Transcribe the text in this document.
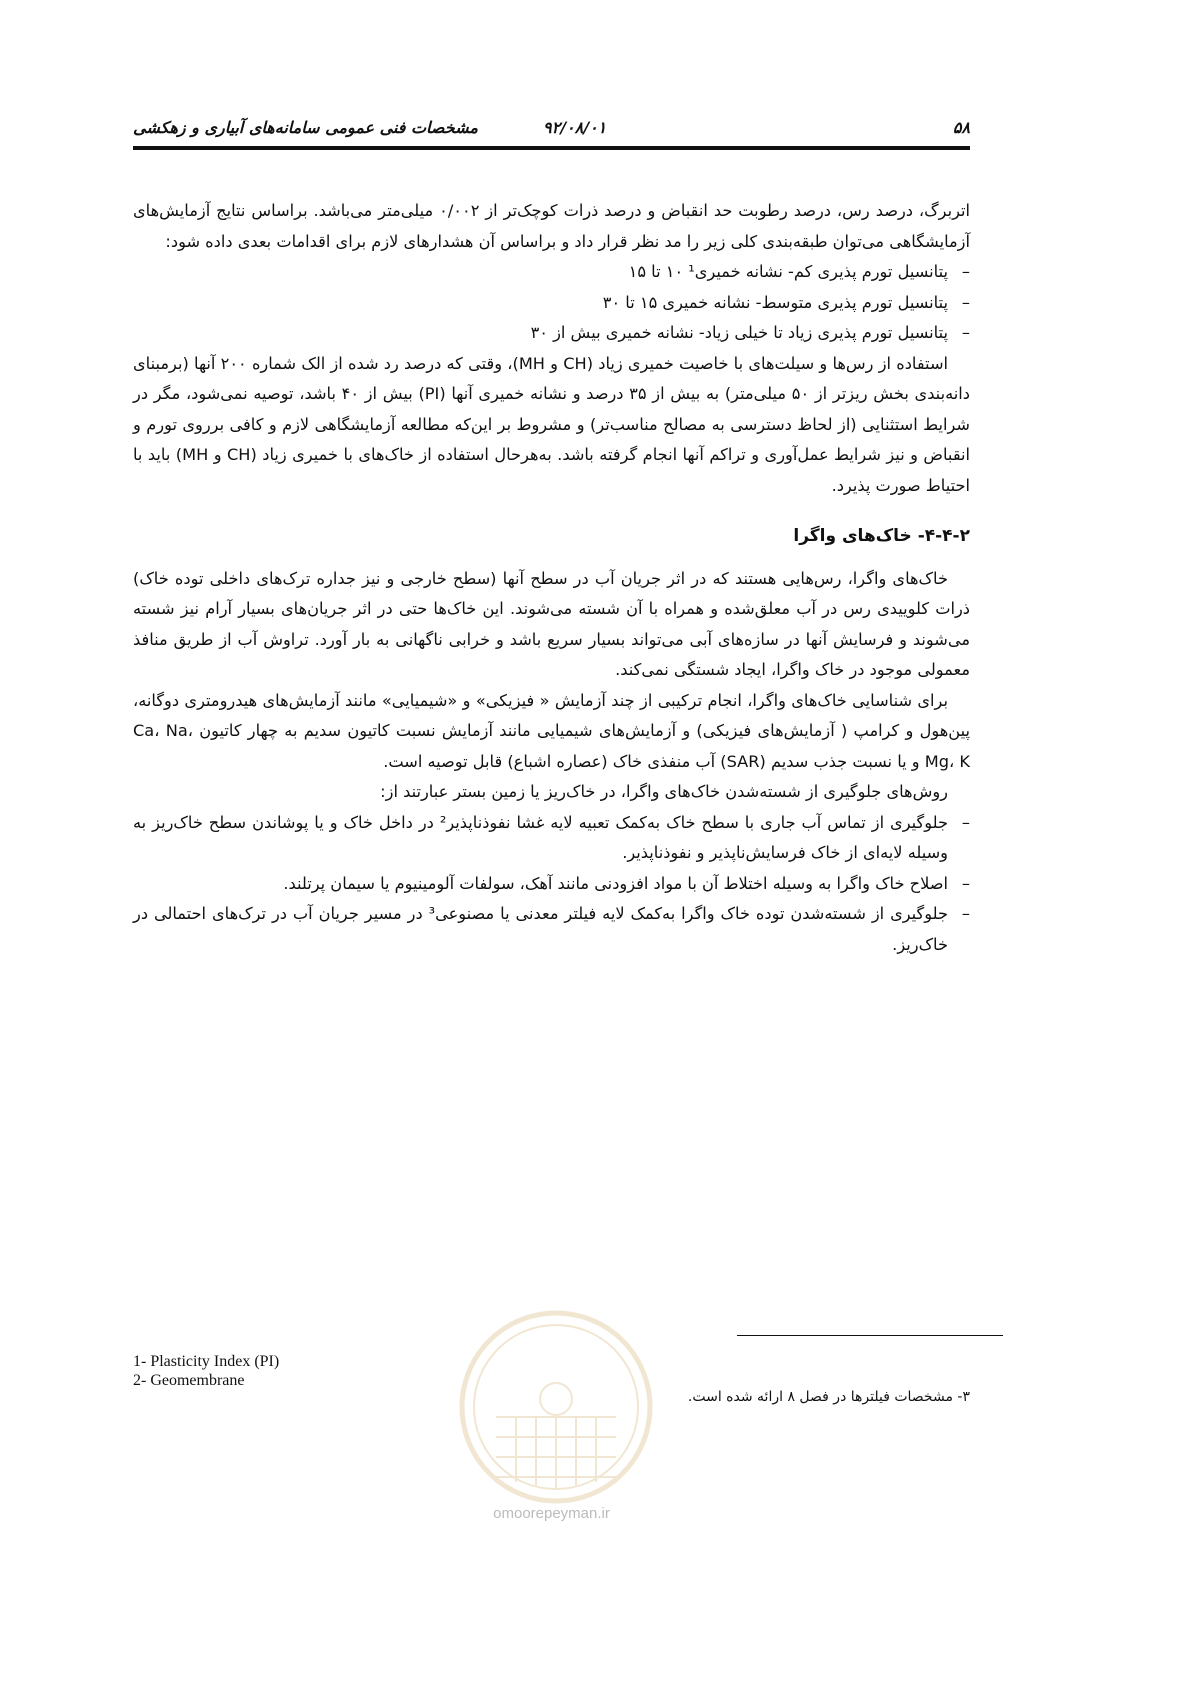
۵۸
۹۲/۰۸/۰۱
مشخصات فنی عمومی سامانه‌های آبیاری و زهکشی

اتربرگ، درصد رس، درصد رطوبت حد انقباض و درصد ذرات کوچک‌تر از ۰/۰۰۲ میلی‌متر می‌باشد. براساس نتایج آزمایش‌های آزمایشگاهی می‌توان طبقه‌بندی کلی زیر را مد نظر قرار داد و براساس آن هشدارهای لازم برای اقدامات بعدی داده شود:

– پتانسیل تورم پذیری کم- نشانه خمیری¹ ۱۰ تا ۱۵

– پتانسیل تورم پذیری متوسط- نشانه خمیری ۱۵ تا ۳۰

– پتانسیل تورم پذیری زیاد تا خیلی زیاد- نشانه خمیری بیش از ۳۰

استفاده از رس‌ها و سیلت‌های با خاصیت خمیری زیاد (CH و MH)، وقتی که درصد رد شده از الک شماره ۲۰۰ آنها (برمبنای دانه‌بندی بخش ریزتر از ۵۰ میلی‌متر) به بیش از ۳۵ درصد و نشانه خمیری آنها (PI) بیش از ۴۰ باشد، توصیه نمی‌شود، مگر در شرایط استثنایی (از لحاظ دسترسی به مصالح مناسب‌تر) و مشروط بر این‌که مطالعه آزمایشگاهی لازم و کافی برروی تورم و انقباض و نیز شرایط عمل‌آوری و تراکم آنها انجام گرفته باشد. به‌هرحال استفاده از خاک‌های با خمیری زیاد (CH و MH) باید با احتیاط صورت پذیرد.

۴-۴-۲- خاک‌های واگرا

خاک‌های واگرا، رس‌هایی هستند که در اثر جریان آب در سطح آنها (سطح خارجی و نیز جداره ترک‌های داخلی توده خاک) ذرات کلوییدی رس در آب معلق‌شده و همراه با آن شسته می‌شوند. این خاک‌ها حتی در اثر جریان‌های بسیار آرام نیز شسته می‌شوند و فرسایش آنها در سازه‌های آبی می‌تواند بسیار سریع باشد و خرابی ناگهانی به بار آورد. تراوش آب از طریق منافذ معمولی موجود در خاک واگرا، ایجاد شستگی نمی‌کند.

برای شناسایی خاک‌های واگرا، انجام ترکیبی از چند آزمایش « فیزیکی» و «شیمیایی» مانند آزمایش‌های هیدرومتری دوگانه، پین‌هول و کرامپ ( آزمایش‌های فیزیکی) و آزمایش‌های شیمیایی مانند آزمایش نسبت کاتیون سدیم به چهار کاتیون Ca، Na، Mg، K و یا نسبت جذب سدیم (SAR) آب منفذی خاک (عصاره اشباع) قابل توصیه است.

روش‌های جلوگیری از شسته‌شدن خاک‌های واگرا، در خاک‌ریز یا زمین بستر عبارتند از:

– جلوگیری از تماس آب جاری با سطح خاک به‌کمک تعبیه لایه غشا نفوذناپذیر² در داخل خاک و یا پوشاندن سطح خاک‌ریز به وسیله لایه‌ای از خاک فرسایش‌ناپذیر و نفوذناپذیر.

– اصلاح خاک واگرا به وسیله اختلاط آن با مواد افزودنی مانند آهک، سولفات آلومینیوم یا سیمان پرتلند.

– جلوگیری از شسته‌شدن توده خاک واگرا به‌کمک لایه فیلتر معدنی یا مصنوعی³ در مسیر جریان آب در ترک‌های احتمالی در خاک‌ریز.

1- Plasticity Index (PI)
2- Geomembrane
۳- مشخصات فیلترها در فصل ۸ ارائه شده است.
omoorepeyman.ir
